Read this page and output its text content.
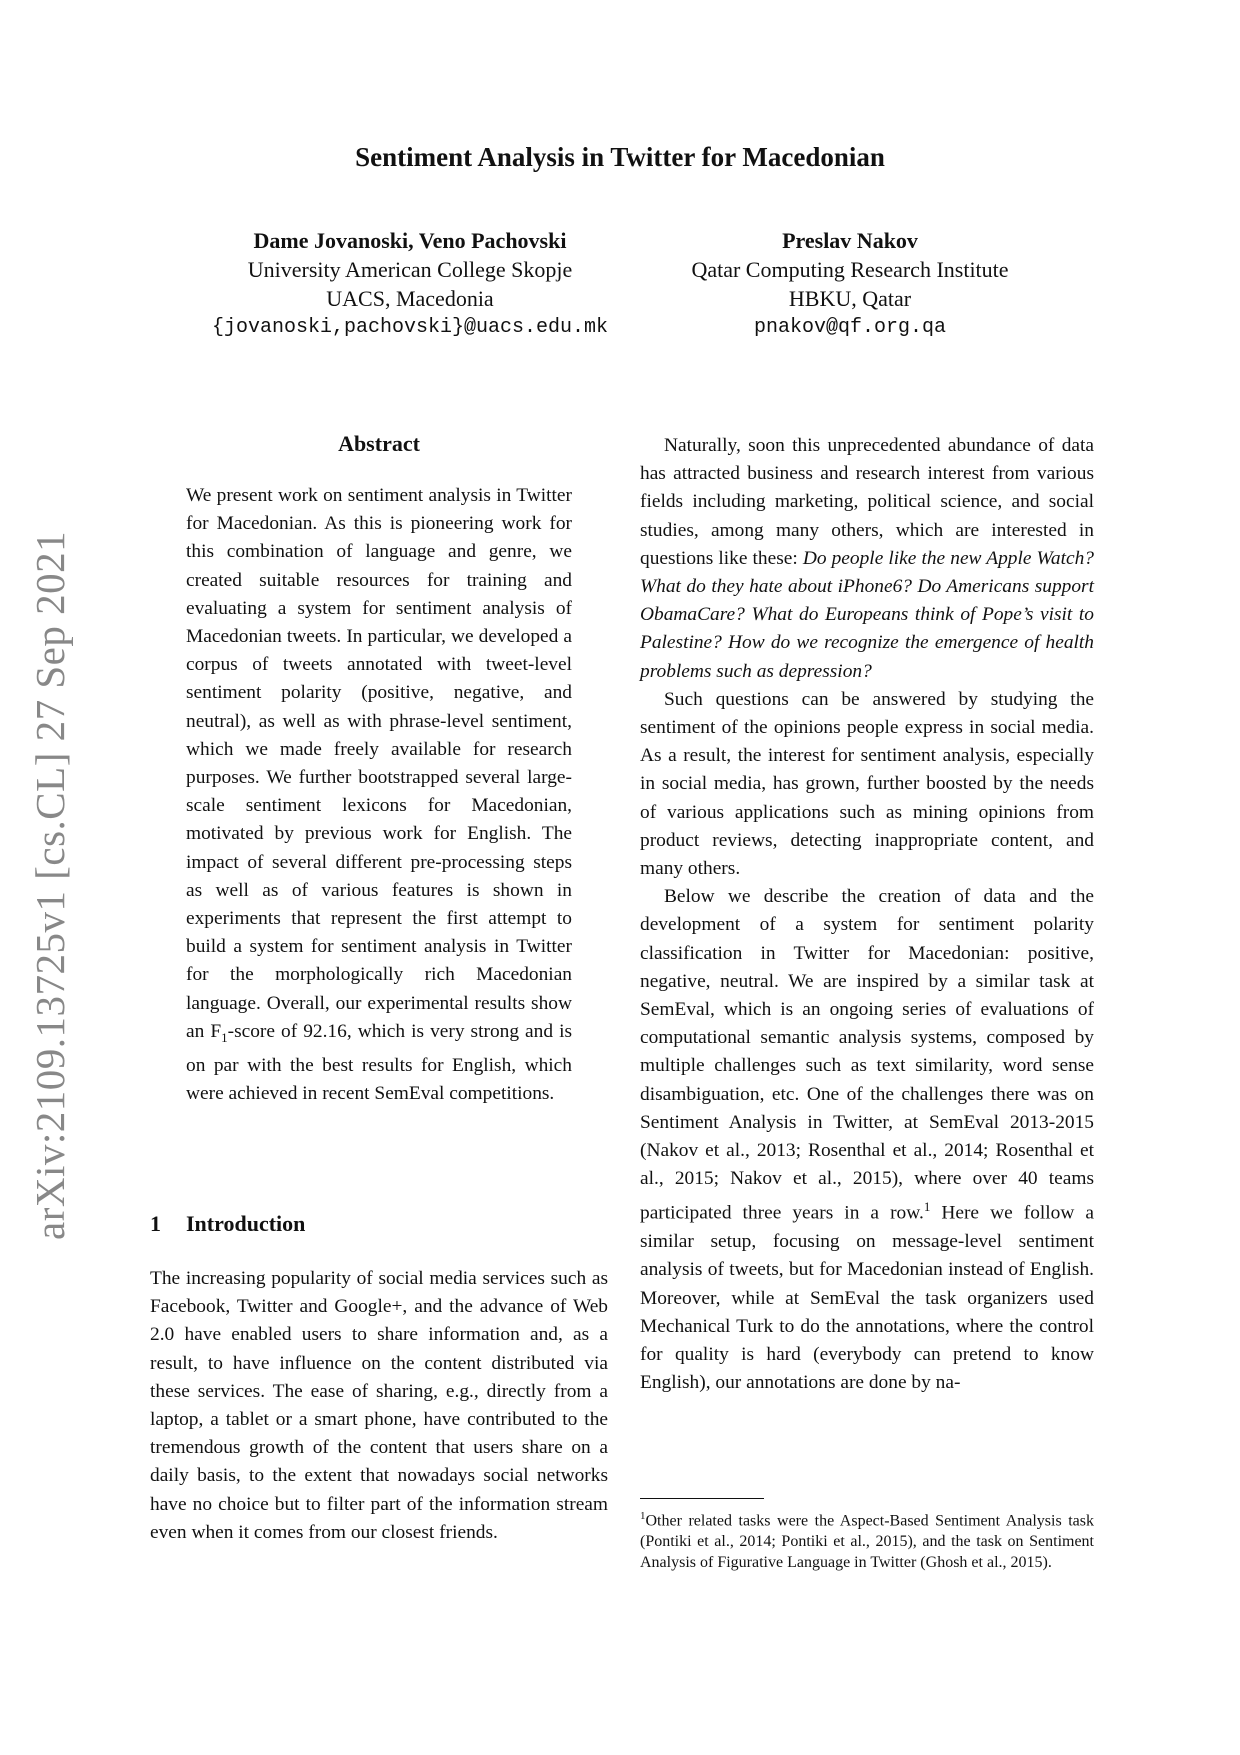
Sentiment Analysis in Twitter for Macedonian
Dame Jovanoski, Veno Pachovski
University American College Skopje
UACS, Macedonia
{jovanoski,pachovski}@uacs.edu.mk
Preslav Nakov
Qatar Computing Research Institute
HBKU, Qatar
pnakov@qf.org.qa
arXiv:2109.13725v1 [cs.CL] 27 Sep 2021
Abstract

We present work on sentiment analysis in Twitter for Macedonian. As this is pioneering work for this combination of language and genre, we created suitable resources for training and evaluating a system for sentiment analysis of Macedonian tweets. In particular, we developed a corpus of tweets annotated with tweet-level sentiment polarity (positive, negative, and neutral), as well as with phrase-level sentiment, which we made freely available for research purposes. We further bootstrapped several large-scale sentiment lexicons for Macedonian, motivated by previous work for English. The impact of several different pre-processing steps as well as of various features is shown in experiments that represent the first attempt to build a system for sentiment analysis in Twitter for the morphologically rich Macedonian language. Overall, our experimental results show an $F_1$-score of 92.16, which is very strong and is on par with the best results for English, which were achieved in recent SemEval competitions.

1 Introduction

The increasing popularity of social media services such as Facebook, Twitter and Google+, and the advance of Web 2.0 have enabled users to share information and, as a result, to have influence on the content distributed via these services. The ease of sharing, e.g., directly from a laptop, a tablet or a smart phone, have contributed to the tremendous growth of the content that users share on a daily basis, to the extent that nowadays social networks have no choice but to filter part of the information stream even when it comes from our closest friends.

Naturally, soon this unprecedented abundance of data has attracted business and research interest from various fields including marketing, political science, and social studies, among many others, which are interested in questions like these: Do people like the new Apple Watch? What do they hate about iPhone6? Do Americans support ObamaCare? What do Europeans think of Pope’s visit to Palestine? How do we recognize the emergence of health problems such as depression?

Such questions can be answered by studying the sentiment of the opinions people express in social media. As a result, the interest for sentiment analysis, especially in social media, has grown, further boosted by the needs of various applications such as mining opinions from product reviews, detecting inappropriate content, and many others.

Below we describe the creation of data and the development of a system for sentiment polarity classification in Twitter for Macedonian: positive, negative, neutral. We are inspired by a similar task at SemEval, which is an ongoing series of evaluations of computational semantic analysis systems, composed by multiple challenges such as text similarity, word sense disambiguation, etc. One of the challenges there was on Sentiment Analysis in Twitter, at SemEval 2013-2015 (Nakov et al., 2013; Rosenthal et al., 2014; Rosenthal et al., 2015; Nakov et al., 2015), where over 40 teams participated three years in a row.$^1$ Here we follow a similar setup, focusing on message-level sentiment analysis of tweets, but for Macedonian instead of English. Moreover, while at SemEval the task organizers used Mechanical Turk to do the annotations, where the control for quality is hard (everybody can pretend to know English), our annotations are done by na-

$^1$Other related tasks were the Aspect-Based Sentiment Analysis task (Pontiki et al., 2014; Pontiki et al., 2015), and the task on Sentiment Analysis of Figurative Language in Twitter (Ghosh et al., 2015).
